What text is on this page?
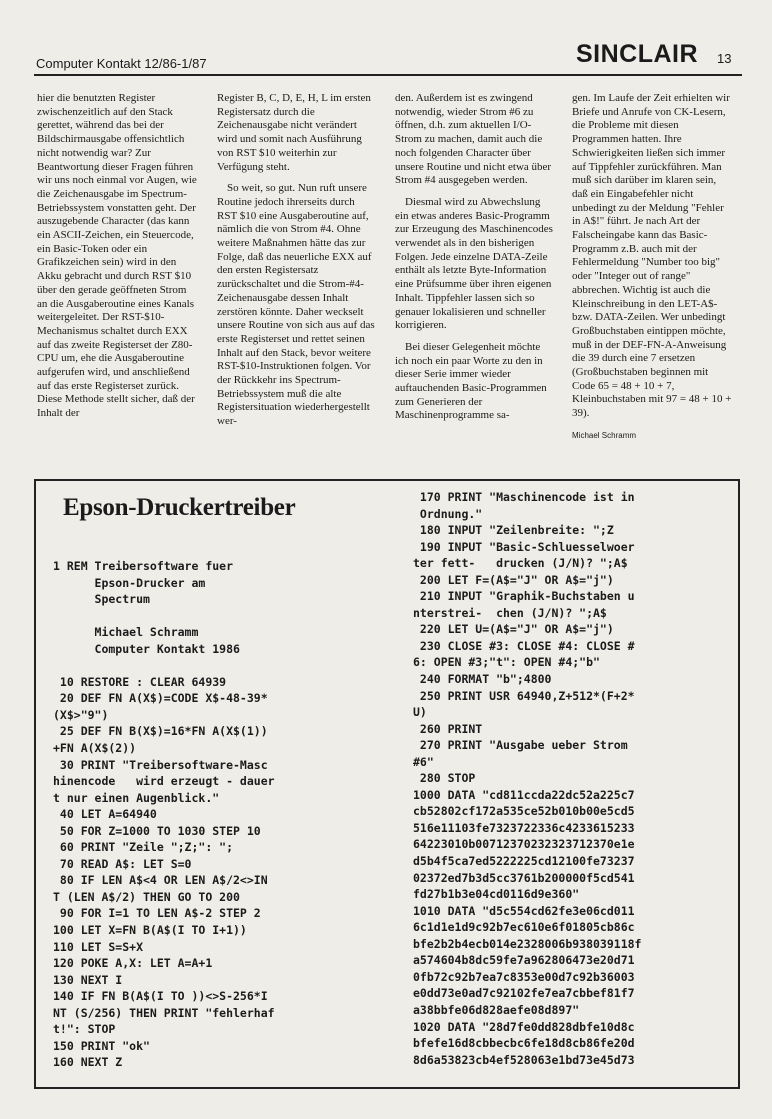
Computer Kontakt 12/86-1/87	SINCLAIR 13

hier die benutzten Register zwischenzeitlich auf den Stack gerettet, während das bei der Bildschirmausgabe offensichtlich nicht notwendig war? Zur Beantwortung dieser Fragen führen wir uns noch einmal vor Augen, wie die Zeichenausgabe im Spectrum-Betriebssystem vonstatten geht. Der auszugebende Character (das kann ein ASCII-Zeichen, ein Steuercode, ein Basic-Token oder ein Grafikzeichen sein) wird in den Akku gebracht und durch RST $10 über den gerade geöffneten Strom an die Ausgaberoutine eines Kanals weitergeleitet. Der RST-$10-Mechanismus schaltet durch EXX auf das zweite Registerset der Z80-CPU um, ehe die Ausgaberoutine aufgerufen wird, und anschließend auf das erste Registerset zurück. Diese Methode stellt sicher, daß der Inhalt der

Register B, C, D, E, H, L im ersten Registersatz durch die Zeichenausgabe nicht verändert wird und somit nach Ausführung von RST $10 weiterhin zur Verfügung steht.

So weit, so gut. Nun ruft unsere Routine jedoch ihrerseits durch RST $10 eine Ausgaberoutine auf, nämlich die von Strom #4. Ohne weitere Maßnahmen hätte das zur Folge, daß das neuerliche EXX auf den ersten Registersatz zurückschaltet und die Strom-#4-Zeichenausgabe dessen Inhalt zerstören könnte. Daher weckselt unsere Routine von sich aus auf das erste Registerset und rettet seinen Inhalt auf den Stack, bevor weitere RST-$10-Instruktionen folgen. Vor der Rückkehr ins Spectrum-Betriebssystem muß die alte Registersituation wiederhergestellt wer-

den. Außerdem ist es zwingend notwendig, wieder Strom #6 zu öffnen, d.h. zum aktuellen I/O-Strom zu machen, damit auch die noch folgenden Character über unsere Routine und nicht etwa über Strom #4 ausgegeben werden.

Diesmal wird zu Abwechslung ein etwas anderes Basic-Programm zur Erzeugung des Maschinencodes verwendet als in den bisherigen Folgen. Jede einzelne DATA-Zeile enthält als letzte Byte-Information eine Prüfsumme über ihren eigenen Inhalt. Tippfehler lassen sich so genauer lokalisieren und schneller korrigieren.

Bei dieser Gelegenheit möchte ich noch ein paar Worte zu den in dieser Serie immer wieder auftauchenden Basic-Programmen zum Generieren der Maschinenprogramme sa-

gen. Im Laufe der Zeit erhielten wir Briefe und Anrufe von CK-Lesern, die Probleme mit diesen Programmen hatten. Ihre Schwierigkeiten ließen sich immer auf Tippfehler zurückführen. Man muß sich darüber im klaren sein, daß ein Eingabefehler nicht unbedingt zu der Meldung "Fehler in A$!" führt. Je nach Art der Falscheingabe kann das Basic-Programm z.B. auch mit der Fehlermeldung "Number too big" oder "Integer out of range" abbrechen. Wichtig ist auch die Kleinschreibung in den LET-A$-bzw. DATA-Zeilen. Wer unbedingt Großbuchstaben eintippen möchte, muß in der DEF-FN-A-Anweisung die 39 durch eine 7 ersetzen (Großbuchstaben beginnen mit Code 65 = 48 + 10 + 7, Kleinbuchstaben mit 97 = 48 + 10 + 39).

Michael Schramm
Epson-Druckertreiber
1 REM Treibersoftware fuer
Epson-Drucker am
Spectrum

Michael Schramm
Computer Kontakt 1986

10 RESTORE : CLEAR 64939
20 DEF FN A(X$)=CODE X$-48-39*
(X$>"9")
25 DEF FN B(X$)=16*FN A(X$(1))
+FN A(X$(2))
30 PRINT "Treibersoftware-Masc
hinencode   wird erzeugt - dauer
t nur einen Augenblick."
40 LET A=64940
50 FOR Z=1000 TO 1030 STEP 10
60 PRINT "Zeile ";Z;": ";
70 READ A$: LET S=0
80 IF LEN A$<4 OR LEN A$/2<>IN
T (LEN A$/2) THEN GO TO 200
90 FOR I=1 TO LEN A$-2 STEP 2
100 LET X=FN B(A$(I TO I+1))
110 LET S=S+X
120 POKE A,X: LET A=A+1
130 NEXT I
140 IF FN B(A$(I TO ))<>S-256*I
NT (S/256) THEN PRINT "fehlerhaf
t!": STOP
150 PRINT "ok"
160 NEXT Z
170 PRINT "Maschinencode ist in
Ordnung."
180 INPUT "Zeilenbreite: ";Z
190 INPUT "Basic-Schluesselwoer
ter fett-   drucken (J/N)? ";A$
200 LET F=(A$="J" OR A$="j")
210 INPUT "Graphik-Buchstaben u
nterstrei-  chen (J/N)? ";A$
220 LET U=(A$="J" OR A$="j")
230 CLOSE #3: CLOSE #4: CLOSE #
6: OPEN #3;"t": OPEN #4;"b"
240 FORMAT "b";4800
250 PRINT USR 64940,Z+512*(F+2*
U)
260 PRINT
270 PRINT "Ausgabe ueber Strom
#6"
280 STOP
1000 DATA "cd811ccda22dc52a225c7
cb52802cf172a535ce52b010b00e5cd5
516e11103fe7323722336c4233615233
64223010b00712370232323712370e1e
d5b4f5ca7ed5222225cd12100fe73237
02372ed7b3d5cc3761b200000f5cd541
fd27b1b3e04cd0116d9e360"
1010 DATA "d5c554cd62fe3e06cd011
6c1d1e1d9c92b7ec610e6f01805cb86c
bfe2b2b4ecb014e2328006b938039118f
a574604b8dc59fe7a962806473e20d71
0fb72c92b7ea7c8353e00d7c92b36003
e0dd73e0ad7c92102fe7ea7cbbef81f7
a38bbfe06d828aefe08d897"
1020 DATA "28d7fe0dd828dbfe10d8c
bfefe16d8cbbecbc6fe18d8cb86fe20d
8d6a53823cb4ef528063e1bd73e45d73
